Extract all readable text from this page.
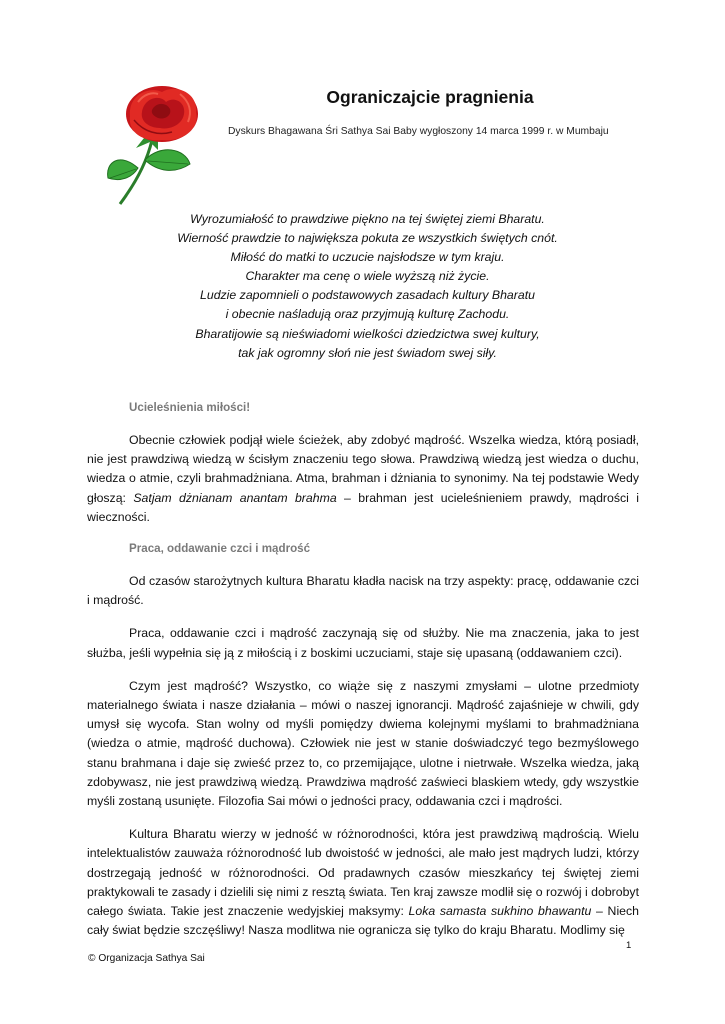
Ograniczajcie pragnienia
Dyskurs Bhagawana Śri Sathya Sai Baby wygłoszony 14 marca 1999 r. w Mumbaju
Wyrozumiałość to prawdziwe piękno na tej świętej ziemi Bharatu.
Wierność prawdzie to największa pokuta ze wszystkich świętych cnót.
Miłość do matki to uczucie najsłodsze w tym kraju.
Charakter ma cenę o wiele wyższą niż życie.
Ludzie zapomnieli o podstawowych zasadach kultury Bharatu
i obecnie naśladują oraz przyjmują kulturę Zachodu.
Bharatijowie są nieświadomi wielkości dziedzictwa swej kultury,
tak jak ogromny słoń nie jest świadom swej siły.
Ucieleśnienia miłości!

Obecnie człowiek podjął wiele ścieżek, aby zdobyć mądrość. Wszelka wiedza, którą posiadł, nie jest prawdziwą wiedzą w ścisłym znaczeniu tego słowa. Prawdziwą wiedzą jest wiedza o duchu, wiedza o atmie, czyli brahmadżniana. Atma, brahman i dżniania to synonimy. Na tej podstawie Wedy głoszą: Satjam dżnianam anantam brahma – brahman jest ucieleśnieniem prawdy, mądrości i wieczności.

Praca, oddawanie czci i mądrość

Od czasów starożytnych kultura Bharatu kładła nacisk na trzy aspekty: pracę, oddawanie czci i mądrość.

Praca, oddawanie czci i mądrość zaczynają się od służby. Nie ma znaczenia, jaka to jest służba, jeśli wypełnia się ją z miłością i z boskimi uczuciami, staje się upasaną (oddawaniem czci).

Czym jest mądrość? Wszystko, co wiąże się z naszymi zmysłami – ulotne przedmioty materialnego świata i nasze działania – mówi o naszej ignorancji. Mądrość zajaśnieje w chwili, gdy umysł się wycofa. Stan wolny od myśli pomiędzy dwiema kolejnymi myślami to brahmadżniana (wiedza o atmie, mądrość duchowa). Człowiek nie jest w stanie doświadczyć tego bezmyślowego stanu brahmana i daje się zwieść przez to, co przemijające, ulotne i nietrwałe. Wszelka wiedza, jaką zdobywasz, nie jest prawdziwą wiedzą. Prawdziwa mądrość zaświeci blaskiem wtedy, gdy wszystkie myśli zostaną usunięte. Filozofia Sai mówi o jedności pracy, oddawania czci i mądrości.

Kultura Bharatu wierzy w jedność w różnorodności, która jest prawdziwą mądrością. Wielu intelektualistów zauważa różnorodność lub dwoistość w jedności, ale mało jest mądrych ludzi, którzy dostrzegają jedność w różnorodności. Od pradawnych czasów mieszkańcy tej świętej ziemi praktykowali te zasady i dzielili się nimi z resztą świata. Ten kraj zawsze modlił się o rozwój i dobrobyt całego świata. Takie jest znaczenie wedyjskiej maksymy: Loka samasta sukhino bhawantu – Niech cały świat będzie szczęśliwy! Nasza modlitwa nie ogranicza się tylko do kraju Bharatu. Modlimy się

1
© Organizacja Sathya Sai
